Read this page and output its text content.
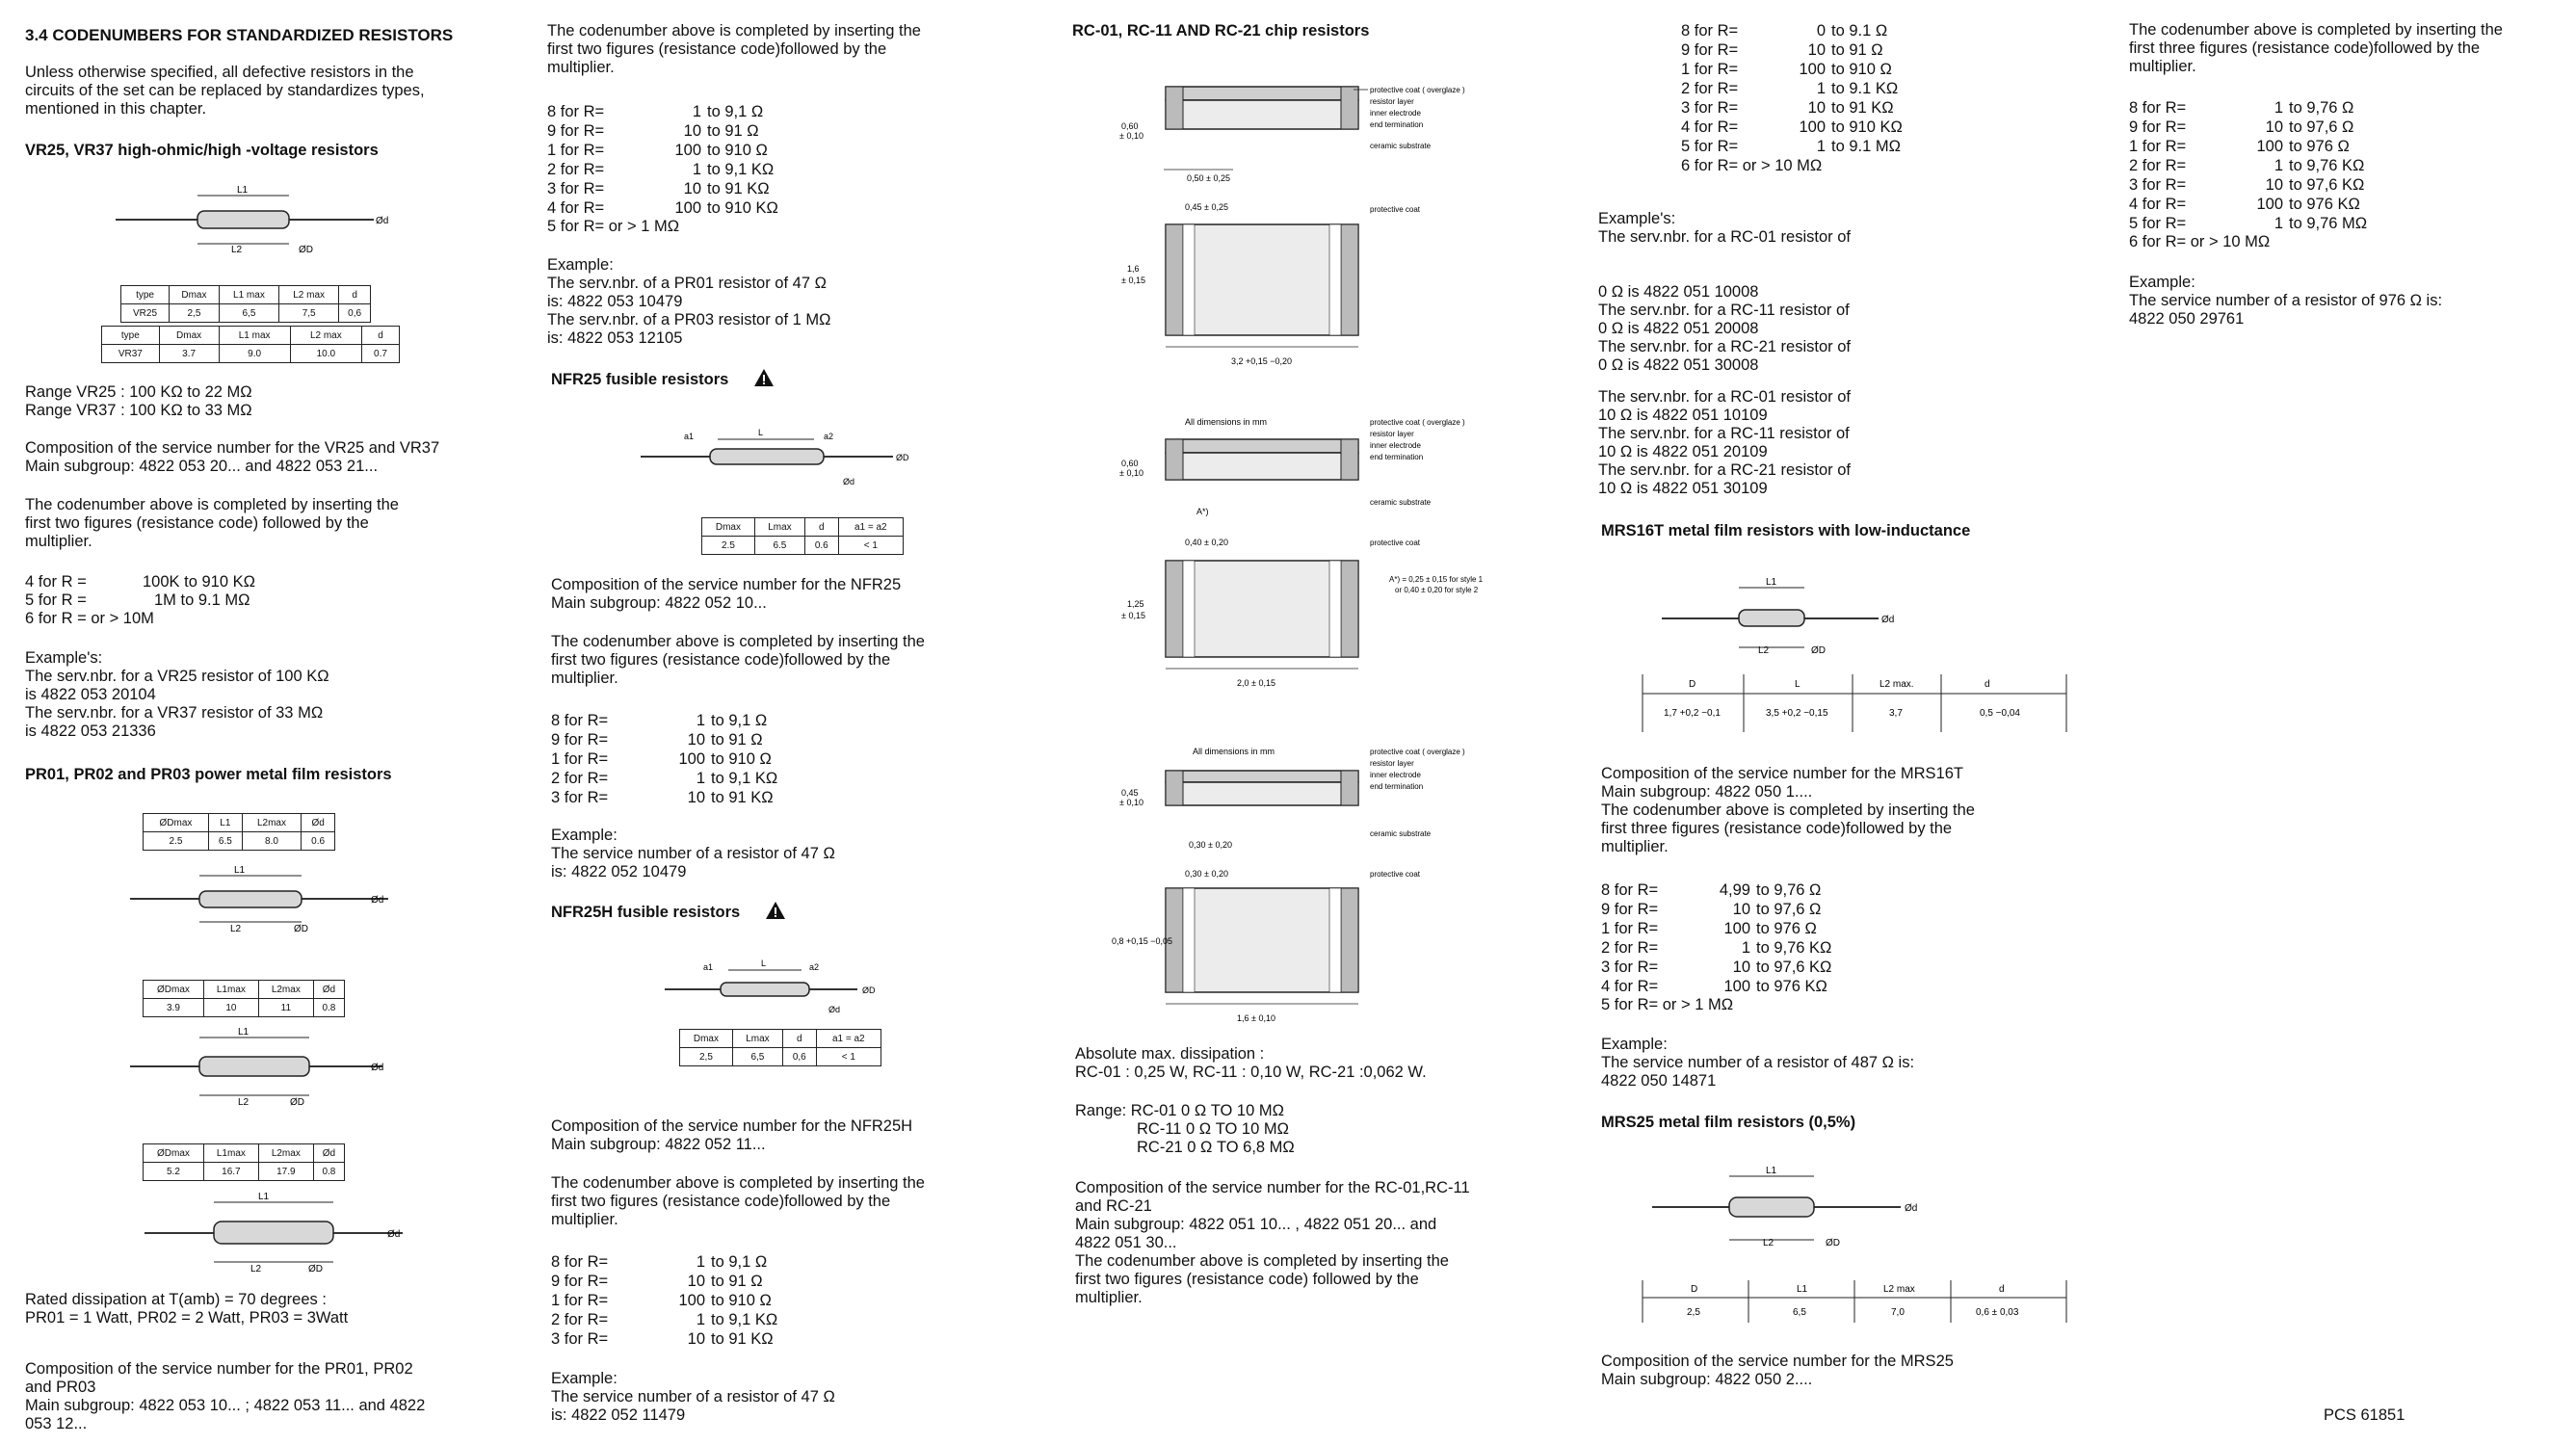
3.4 CODENUMBERS FOR STANDARDIZED RESISTORS
Unless otherwise specified, all defective resistors in the
circuits of the set can be replaced by standardizes types,
mentioned in this chapter.
VR25, VR37 high-ohmic/high -voltage resistors
L1
L2	ØD
Ød
type	Dmax	L1 max	L2 max	d
VR25	2,5	6,5	7,5	0,6
type	Dmax	L1 max	L2 max	d
VR37	3.7	9.0	10.0	0.7
Range VR25 : 100 KΩ to 22 MΩ
Range VR37 : 100 KΩ to 33 MΩ
Composition of the service number for the VR25 and VR37
Main subgroup: 4822 053 20... and 4822 053 21...
The codenumber above is completed by inserting the
first two figures (resistance code) followed by the
multiplier.
4 for R =	100K to 910 KΩ
5 for R =	1M to 9.1 MΩ
6 for R = or > 10M
Example's:
The serv.nbr. for a VR25 resistor of 100 KΩ
is 4822 053 20104
The serv.nbr. for a VR37 resistor of 33 MΩ
is 4822 053 21336
PR01, PR02 and PR03 power metal film resistors
ØDmax	L1	L2max	Ød
2.5	6.5	8.0	0.6
L1
L2	ØD
Ød
ØDmax	L1max	L2max	Ød
3.9	10	11	0.8
L1
L2	ØD
Ød
ØDmax	L1max	L2max	Ød
5.2	16.7	17.9	0.8
L1
L2	ØD
Ød
Rated dissipation at T(amb) = 70 degrees :
PR01 = 1 Watt, PR02 = 2 Watt, PR03 = 3Watt
Composition of the service number for the PR01, PR02
and PR03
Main subgroup: 4822 053 10... ; 4822 053 11... and 4822
053 12...
The codenumber above is completed by inserting the
first two figures (resistance code)followed by the
multiplier.
8 for R=	1 to 9,1 Ω
9 for R=	10 to 91 Ω
1 for R=	100 to 910 Ω
2 for R=	1 to 9,1 KΩ
3 for R=	10 to 91 KΩ
4 for R=	100 to 910 KΩ
5 for R= or > 1 MΩ
Example:
The serv.nbr. of a PR01 resistor of 47 Ω
is: 4822 053 10479
The serv.nbr. of a PR03 resistor of 1 MΩ
is: 4822 053 12105
NFR25 fusible resistors
L
a1	a2
ØD
Ød
Dmax	Lmax	d	a1 = a2
2.5	6.5	0.6	< 1
Composition of the service number for the NFR25
Main subgroup: 4822 052 10...
The codenumber above is completed by inserting the
first two figures (resistance code)followed by the
multiplier.
8 for R=	1 to 9,1 Ω
9 for R=	10 to 91 Ω
1 for R=	100 to 910 Ω
2 for R=	1 to 9,1 KΩ
3 for R=	10 to 91 KΩ
Example:
The service number of a resistor of 47 Ω
is: 4822 052 10479
NFR25H fusible resistors
L
a1	a2
ØD
Ød
Dmax	Lmax	d	a1 = a2
2,5	6,5	0,6	< 1
Composition of the service number for the NFR25H
Main subgroup: 4822 052 11...
The codenumber above is completed by inserting the
first two figures (resistance code)followed by the
multiplier.
8 for R=	1 to 9,1 Ω
9 for R=	10 to 91 Ω
1 for R=	100 to 910 Ω
2 for R=	1 to 9,1 KΩ
3 for R=	10 to 91 KΩ
Example:
The service number of a resistor of 47 Ω
is: 4822 052 11479
RC-01, RC-11 AND RC-21 chip resistors
protective coat ( overglaze )
resistor layer
inner electrode
end termination
ceramic substrate
0,60
± 0,10
0,50 ± 0,25
0,45 ± 0,25	protective coat
1,6
± 0,15
3,2 +0,15 −0,20
All dimensions in mm	protective coat ( overglaze )
resistor layer
inner electrode
end termination
ceramic substrate
0,60
± 0,10
A*)
0,40 ± 0,20	protective coat
A*) = 0,25 ± 0,15 for style 1
or 0,40 ± 0,20 for style 2
1,25
± 0,15
2,0 ± 0,15
All dimensions in mm	protective coat ( overglaze )
resistor layer
inner electrode
end termination
ceramic substrate
0,45
± 0,10
0,30 ± 0,20
0,30 ± 0,20	protective coat
0,8 +0,15 −0,05
1,6 ± 0,10
Absolute max. dissipation :
RC-01 : 0,25 W, RC-11 : 0,10 W, RC-21 :0,062 W.
Range: RC-01 0 Ω TO 10 MΩ
RC-11 0 Ω TO 10 MΩ
RC-21 0 Ω TO 6,8 MΩ
Composition of the service number for the RC-01,RC-11
and RC-21
Main subgroup: 4822 051 10... , 4822 051 20... and
4822 051 30...
The codenumber above is completed by inserting the
first two figures (resistance code) followed by the
multiplier.
8 for R=	0 to 9.1 Ω
9 for R=	10 to 91 Ω
1 for R=	100 to 910 Ω
2 for R=	1 to 9.1 KΩ
3 for R=	10 to 91 KΩ
4 for R=	100 to 910 KΩ
5 for R=	1 to 9.1 MΩ
6 for R= or > 10 MΩ
Example's:
The serv.nbr. for a RC-01 resistor of
0 Ω is 4822 051 10008
The serv.nbr. for a RC-11 resistor of
0 Ω is 4822 051 20008
The serv.nbr. for a RC-21 resistor of
0 Ω is 4822 051 30008
The serv.nbr. for a RC-01 resistor of
10 Ω is 4822 051 10109
The serv.nbr. for a RC-11 resistor of
10 Ω is 4822 051 20109
The serv.nbr. for a RC-21 resistor of
10 Ω is 4822 051 30109
MRS16T metal film resistors with low-inductance
L1
L2	ØD
Ød
D	L	L2 max.	d
1,7 +0,2 −0,1	3,5 +0,2 −0,15	3,7	0,5 −0,04
Composition of the service number for the MRS16T
Main subgroup: 4822 050 1....
The codenumber above is completed by inserting the
first three figures (resistance code)followed by the
multiplier.
8 for R=	4,99 to 9,76 Ω
9 for R=	10 to 97,6 Ω
1 for R=	100 to 976 Ω
2 for R=	1 to 9,76 KΩ
3 for R=	10 to 97,6 KΩ
4 for R=	100 to 976 KΩ
5 for R= or > 1 MΩ
Example:
The service number of a resistor of 487 Ω is:
4822 050 14871
MRS25 metal film resistors (0,5%)
L1
L2	ØD
Ød
D	L1	L2 max	d
2,5	6,5	7,0	0,6 ± 0,03
Composition of the service number for the MRS25
Main subgroup: 4822 050 2....
The codenumber above is completed by inserting the
first three figures (resistance code)followed by the
multiplier.
8 for R=	1 to 9,76 Ω
9 for R=	10 to 97,6 Ω
1 for R=	100 to 976 Ω
2 for R=	1 to 9,76 KΩ
3 for R=	10 to 97,6 KΩ
4 for R=	100 to 976 KΩ
5 for R=	1 to 9,76 MΩ
6 for R= or > 10 MΩ
Example:
The service number of a resistor of 976 Ω is:
4822 050 29761
PCS 61851
